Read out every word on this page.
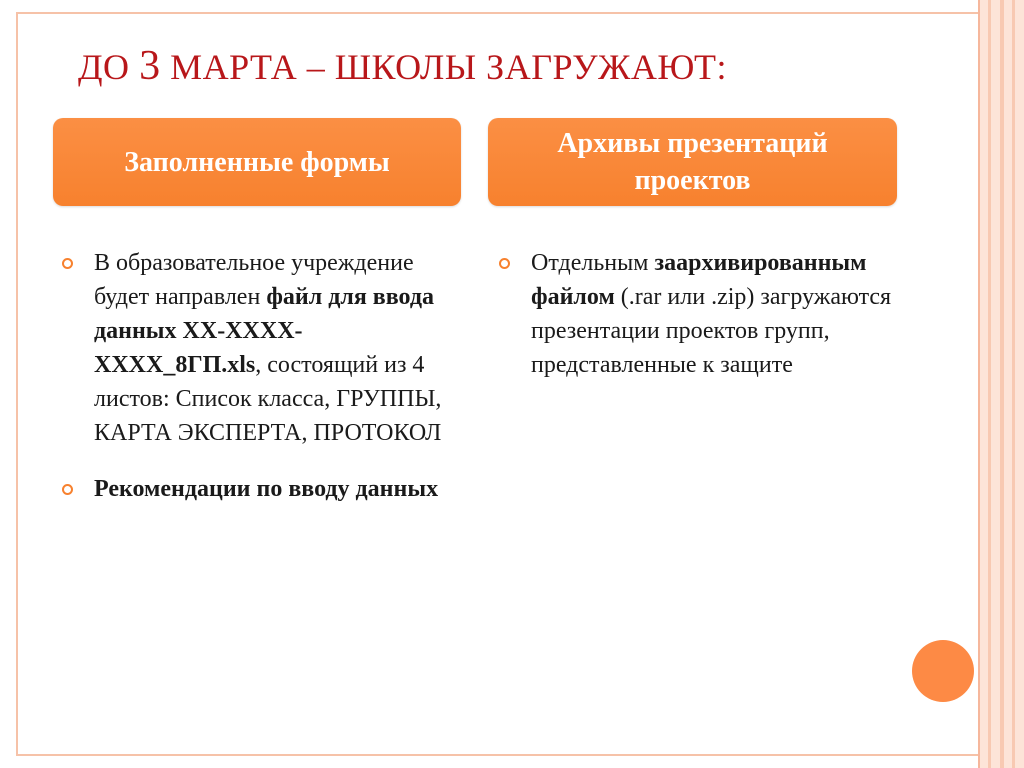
ДО 3 МАРТА – ШКОЛЫ ЗАГРУЖАЮТ:
Заполненные формы
Архивы презентаций
проектов
В образовательное учреждение будет направлен файл для ввода данных ХХ-ХХХХ-ХХХХ_8ГП.xls, состоящий из 4 листов: Список класса, ГРУППЫ, КАРТА ЭКСПЕРТА, ПРОТОКОЛ
Рекомендации по вводу данных
Отдельным заархивированным файлом (.rar или .zip) загружаются презентации проектов групп, представленные к защите
